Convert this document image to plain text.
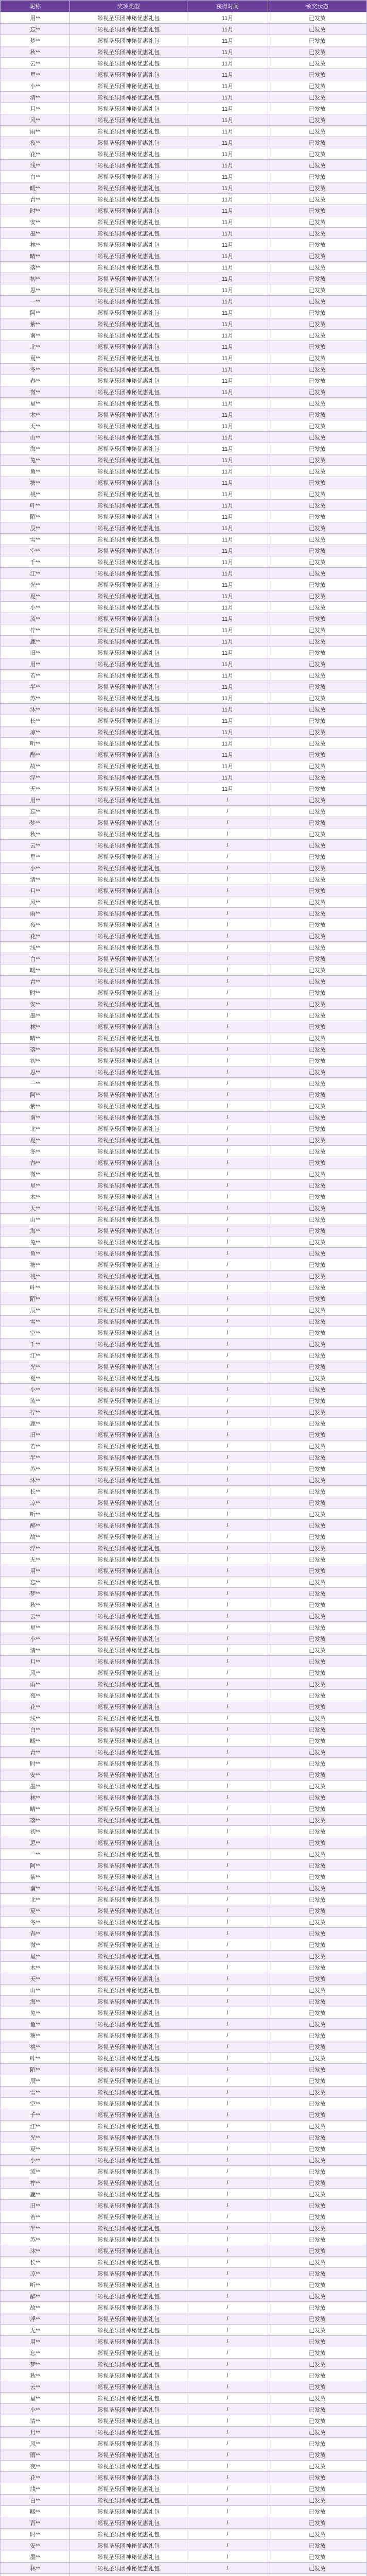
昵称	奖项类型	获得时间	领奖状态
用**	影视圣乐团神秘优惠礼包	11月	已发放
忘**	影视圣乐团神秘优惠礼包	11月	已发放
梦**	影视圣乐团神秘优惠礼包	11月	已发放
秋**	影视圣乐团神秘优惠礼包	11月	已发放
云**	影视圣乐团神秘优惠礼包	11月	已发放
星**	影视圣乐团神秘优惠礼包	11月	已发放
小**	影视圣乐团神秘优惠礼包	11月	已发放
清**	影视圣乐团神秘优惠礼包	11月	已发放
月**	影视圣乐团神秘优惠礼包	11月	已发放
风**	影视圣乐团神秘优惠礼包	11月	已发放
雨**	影视圣乐团神秘优惠礼包	11月	已发放
夜**	影视圣乐团神秘优惠礼包	11月	已发放
花**	影视圣乐团神秘优惠礼包	11月	已发放
浅**	影视圣乐团神秘优惠礼包	11月	已发放
白**	影视圣乐团神秘优惠礼包	11月	已发放
暖**	影视圣乐团神秘优惠礼包	11月	已发放
青**	影视圣乐团神秘优惠礼包	11月	已发放
时**	影视圣乐团神秘优惠礼包	11月	已发放
安**	影视圣乐团神秘优惠礼包	11月	已发放
墨**	影视圣乐团神秘优惠礼包	11月	已发放
林**	影视圣乐团神秘优惠礼包	11月	已发放
晴**	影视圣乐团神秘优惠礼包	11月	已发放
落**	影视圣乐团神秘优惠礼包	11月	已发放
初**	影视圣乐团神秘优惠礼包	11月	已发放
思**	影视圣乐团神秘优惠礼包	11月	已发放
一**	影视圣乐团神秘优惠礼包	11月	已发放
阿**	影视圣乐团神秘优惠礼包	11月	已发放
紫**	影视圣乐团神秘优惠礼包	11月	已发放
南**	影视圣乐团神秘优惠礼包	11月	已发放
北**	影视圣乐团神秘优惠礼包	11月	已发放
夏**	影视圣乐团神秘优惠礼包	11月	已发放
冬**	影视圣乐团神秘优惠礼包	11月	已发放
春**	影视圣乐团神秘优惠礼包	11月	已发放
微**	影视圣乐团神秘优惠礼包	11月	已发放
星**	影视圣乐团神秘优惠礼包	11月	已发放
木**	影视圣乐团神秘优惠礼包	11月	已发放
天**	影视圣乐团神秘优惠礼包	11月	已发放
山**	影视圣乐团神秘优惠礼包	11月	已发放
海**	影视圣乐团神秘优惠礼包	11月	已发放
兔**	影视圣乐团神秘优惠礼包	11月	已发放
鱼**	影视圣乐团神秘优惠礼包	11月	已发放
糖**	影视圣乐团神秘优惠礼包	11月	已发放
桃**	影视圣乐团神秘优惠礼包	11月	已发放
叶**	影视圣乐团神秘优惠礼包	11月	已发放
陌**	影视圣乐团神秘优惠礼包	11月	已发放
辰**	影视圣乐团神秘优惠礼包	11月	已发放
雪**	影视圣乐团神秘优惠礼包	11月	已发放
空**	影视圣乐团神秘优惠礼包	11月	已发放
千**	影视圣乐团神秘优惠礼包	11月	已发放
江**	影视圣乐团神秘优惠礼包	11月	已发放
光**	影视圣乐团神秘优惠礼包	11月	已发放
夏**	影视圣乐团神秘优惠礼包	11月	已发放
小**	影视圣乐团神秘优惠礼包	11月	已发放
流**	影视圣乐团神秘优惠礼包	11月	已发放
柠**	影视圣乐团神秘优惠礼包	11月	已发放
鹿**	影视圣乐团神秘优惠礼包	11月	已发放
旧**	影视圣乐团神秘优惠礼包	11月	已发放
用**	影视圣乐团神秘优惠礼包	11月	已发放
若**	影视圣乐团神秘优惠礼包	11月	已发放
半**	影视圣乐团神秘优惠礼包	11月	已发放
苏**	影视圣乐团神秘优惠礼包	11月	已发放
沐**	影视圣乐团神秘优惠礼包	11月	已发放
长**	影视圣乐团神秘优惠礼包	11月	已发放
凉**	影视圣乐团神秘优惠礼包	11月	已发放
听**	影视圣乐团神秘优惠礼包	11月	已发放
醉**	影视圣乐团神秘优惠礼包	11月	已发放
故**	影视圣乐团神秘优惠礼包	11月	已发放
浮**	影视圣乐团神秘优惠礼包	11月	已发放
无**	影视圣乐团神秘优惠礼包	11月	已发放
用**	影视圣乐团神秘优惠礼包	/	已发放
忘**	影视圣乐团神秘优惠礼包	/	已发放
梦**	影视圣乐团神秘优惠礼包	/	已发放
秋**	影视圣乐团神秘优惠礼包	/	已发放
云**	影视圣乐团神秘优惠礼包	/	已发放
星**	影视圣乐团神秘优惠礼包	/	已发放
小**	影视圣乐团神秘优惠礼包	/	已发放
清**	影视圣乐团神秘优惠礼包	/	已发放
月**	影视圣乐团神秘优惠礼包	/	已发放
风**	影视圣乐团神秘优惠礼包	/	已发放
雨**	影视圣乐团神秘优惠礼包	/	已发放
夜**	影视圣乐团神秘优惠礼包	/	已发放
花**	影视圣乐团神秘优惠礼包	/	已发放
浅**	影视圣乐团神秘优惠礼包	/	已发放
白**	影视圣乐团神秘优惠礼包	/	已发放
暖**	影视圣乐团神秘优惠礼包	/	已发放
青**	影视圣乐团神秘优惠礼包	/	已发放
时**	影视圣乐团神秘优惠礼包	/	已发放
安**	影视圣乐团神秘优惠礼包	/	已发放
墨**	影视圣乐团神秘优惠礼包	/	已发放
林**	影视圣乐团神秘优惠礼包	/	已发放
晴**	影视圣乐团神秘优惠礼包	/	已发放
落**	影视圣乐团神秘优惠礼包	/	已发放
初**	影视圣乐团神秘优惠礼包	/	已发放
思**	影视圣乐团神秘优惠礼包	/	已发放
一**	影视圣乐团神秘优惠礼包	/	已发放
阿**	影视圣乐团神秘优惠礼包	/	已发放
紫**	影视圣乐团神秘优惠礼包	/	已发放
南**	影视圣乐团神秘优惠礼包	/	已发放
北**	影视圣乐团神秘优惠礼包	/	已发放
夏**	影视圣乐团神秘优惠礼包	/	已发放
冬**	影视圣乐团神秘优惠礼包	/	已发放
春**	影视圣乐团神秘优惠礼包	/	已发放
微**	影视圣乐团神秘优惠礼包	/	已发放
星**	影视圣乐团神秘优惠礼包	/	已发放
木**	影视圣乐团神秘优惠礼包	/	已发放
天**	影视圣乐团神秘优惠礼包	/	已发放
山**	影视圣乐团神秘优惠礼包	/	已发放
海**	影视圣乐团神秘优惠礼包	/	已发放
兔**	影视圣乐团神秘优惠礼包	/	已发放
鱼**	影视圣乐团神秘优惠礼包	/	已发放
糖**	影视圣乐团神秘优惠礼包	/	已发放
桃**	影视圣乐团神秘优惠礼包	/	已发放
叶**	影视圣乐团神秘优惠礼包	/	已发放
陌**	影视圣乐团神秘优惠礼包	/	已发放
辰**	影视圣乐团神秘优惠礼包	/	已发放
雪**	影视圣乐团神秘优惠礼包	/	已发放
空**	影视圣乐团神秘优惠礼包	/	已发放
千**	影视圣乐团神秘优惠礼包	/	已发放
江**	影视圣乐团神秘优惠礼包	/	已发放
光**	影视圣乐团神秘优惠礼包	/	已发放
夏**	影视圣乐团神秘优惠礼包	/	已发放
小**	影视圣乐团神秘优惠礼包	/	已发放
流**	影视圣乐团神秘优惠礼包	/	已发放
柠**	影视圣乐团神秘优惠礼包	/	已发放
鹿**	影视圣乐团神秘优惠礼包	/	已发放
旧**	影视圣乐团神秘优惠礼包	/	已发放
若**	影视圣乐团神秘优惠礼包	/	已发放
半**	影视圣乐团神秘优惠礼包	/	已发放
苏**	影视圣乐团神秘优惠礼包	/	已发放
沐**	影视圣乐团神秘优惠礼包	/	已发放
长**	影视圣乐团神秘优惠礼包	/	已发放
凉**	影视圣乐团神秘优惠礼包	/	已发放
听**	影视圣乐团神秘优惠礼包	/	已发放
醉**	影视圣乐团神秘优惠礼包	/	已发放
故**	影视圣乐团神秘优惠礼包	/	已发放
浮**	影视圣乐团神秘优惠礼包	/	已发放
无**	影视圣乐团神秘优惠礼包	/	已发放
用**	影视圣乐团神秘优惠礼包	/	已发放
忘**	影视圣乐团神秘优惠礼包	/	已发放
梦**	影视圣乐团神秘优惠礼包	/	已发放
秋**	影视圣乐团神秘优惠礼包	/	已发放
云**	影视圣乐团神秘优惠礼包	/	已发放
星**	影视圣乐团神秘优惠礼包	/	已发放
小**	影视圣乐团神秘优惠礼包	/	已发放
清**	影视圣乐团神秘优惠礼包	/	已发放
月**	影视圣乐团神秘优惠礼包	/	已发放
风**	影视圣乐团神秘优惠礼包	/	已发放
雨**	影视圣乐团神秘优惠礼包	/	已发放
夜**	影视圣乐团神秘优惠礼包	/	已发放
花**	影视圣乐团神秘优惠礼包	/	已发放
浅**	影视圣乐团神秘优惠礼包	/	已发放
白**	影视圣乐团神秘优惠礼包	/	已发放
暖**	影视圣乐团神秘优惠礼包	/	已发放
青**	影视圣乐团神秘优惠礼包	/	已发放
时**	影视圣乐团神秘优惠礼包	/	已发放
安**	影视圣乐团神秘优惠礼包	/	已发放
墨**	影视圣乐团神秘优惠礼包	/	已发放
林**	影视圣乐团神秘优惠礼包	/	已发放
晴**	影视圣乐团神秘优惠礼包	/	已发放
落**	影视圣乐团神秘优惠礼包	/	已发放
初**	影视圣乐团神秘优惠礼包	/	已发放
思**	影视圣乐团神秘优惠礼包	/	已发放
一**	影视圣乐团神秘优惠礼包	/	已发放
阿**	影视圣乐团神秘优惠礼包	/	已发放
紫**	影视圣乐团神秘优惠礼包	/	已发放
南**	影视圣乐团神秘优惠礼包	/	已发放
北**	影视圣乐团神秘优惠礼包	/	已发放
夏**	影视圣乐团神秘优惠礼包	/	已发放
冬**	影视圣乐团神秘优惠礼包	/	已发放
春**	影视圣乐团神秘优惠礼包	/	已发放
微**	影视圣乐团神秘优惠礼包	/	已发放
星**	影视圣乐团神秘优惠礼包	/	已发放
木**	影视圣乐团神秘优惠礼包	/	已发放
天**	影视圣乐团神秘优惠礼包	/	已发放
山**	影视圣乐团神秘优惠礼包	/	已发放
海**	影视圣乐团神秘优惠礼包	/	已发放
兔**	影视圣乐团神秘优惠礼包	/	已发放
鱼**	影视圣乐团神秘优惠礼包	/	已发放
糖**	影视圣乐团神秘优惠礼包	/	已发放
桃**	影视圣乐团神秘优惠礼包	/	已发放
叶**	影视圣乐团神秘优惠礼包	/	已发放
陌**	影视圣乐团神秘优惠礼包	/	已发放
辰**	影视圣乐团神秘优惠礼包	/	已发放
雪**	影视圣乐团神秘优惠礼包	/	已发放
空**	影视圣乐团神秘优惠礼包	/	已发放
千**	影视圣乐团神秘优惠礼包	/	已发放
江**	影视圣乐团神秘优惠礼包	/	已发放
光**	影视圣乐团神秘优惠礼包	/	已发放
夏**	影视圣乐团神秘优惠礼包	/	已发放
小**	影视圣乐团神秘优惠礼包	/	已发放
流**	影视圣乐团神秘优惠礼包	/	已发放
柠**	影视圣乐团神秘优惠礼包	/	已发放
鹿**	影视圣乐团神秘优惠礼包	/	已发放
旧**	影视圣乐团神秘优惠礼包	/	已发放
若**	影视圣乐团神秘优惠礼包	/	已发放
半**	影视圣乐团神秘优惠礼包	/	已发放
苏**	影视圣乐团神秘优惠礼包	/	已发放
沐**	影视圣乐团神秘优惠礼包	/	已发放
长**	影视圣乐团神秘优惠礼包	/	已发放
凉**	影视圣乐团神秘优惠礼包	/	已发放
听**	影视圣乐团神秘优惠礼包	/	已发放
醉**	影视圣乐团神秘优惠礼包	/	已发放
故**	影视圣乐团神秘优惠礼包	/	已发放
浮**	影视圣乐团神秘优惠礼包	/	已发放
无**	影视圣乐团神秘优惠礼包	/	已发放
用**	影视圣乐团神秘优惠礼包	/	已发放
忘**	影视圣乐团神秘优惠礼包	/	已发放
梦**	影视圣乐团神秘优惠礼包	/	已发放
秋**	影视圣乐团神秘优惠礼包	/	已发放
云**	影视圣乐团神秘优惠礼包	/	已发放
星**	影视圣乐团神秘优惠礼包	/	已发放
小**	影视圣乐团神秘优惠礼包	/	已发放
清**	影视圣乐团神秘优惠礼包	/	已发放
月**	影视圣乐团神秘优惠礼包	/	已发放
风**	影视圣乐团神秘优惠礼包	/	已发放
雨**	影视圣乐团神秘优惠礼包	/	已发放
夜**	影视圣乐团神秘优惠礼包	/	已发放
花**	影视圣乐团神秘优惠礼包	/	已发放
浅**	影视圣乐团神秘优惠礼包	/	已发放
白**	影视圣乐团神秘优惠礼包	/	已发放
暖**	影视圣乐团神秘优惠礼包	/	已发放
青**	影视圣乐团神秘优惠礼包	/	已发放
时**	影视圣乐团神秘优惠礼包	/	已发放
安**	影视圣乐团神秘优惠礼包	/	已发放
墨**	影视圣乐团神秘优惠礼包	/	已发放
林**	影视圣乐团神秘优惠礼包	/	已发放
